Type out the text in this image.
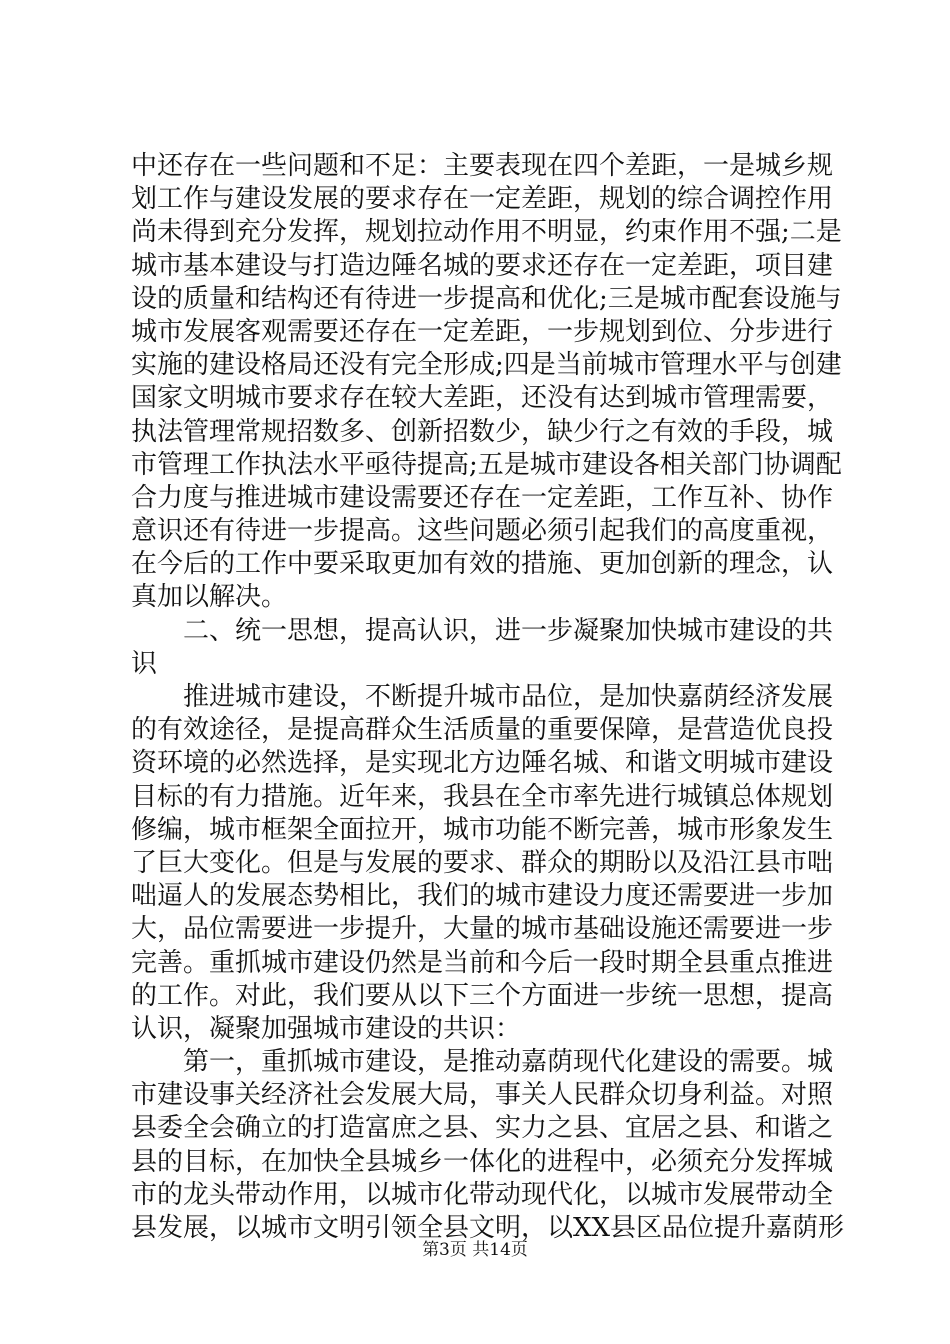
中还存在一些问题和不足：主要表现在四个差距，一是城乡规
划工作与建设发展的要求存在一定差距，规划的综合调控作用
尚未得到充分发挥，规划拉动作用不明显，约束作用不强;二是
城市基本建设与打造边陲名城的要求还存在一定差距，项目建
设的质量和结构还有待进一步提高和优化;三是城市配套设施与
城市发展客观需要还存在一定差距，一步规划到位、分步进行
实施的建设格局还没有完全形成;四是当前城市管理水平与创建
国家文明城市要求存在较大差距，还没有达到城市管理需要，
执法管理常规招数多、创新招数少，缺少行之有效的手段，城
市管理工作执法水平亟待提高;五是城市建设各相关部门协调配
合力度与推进城市建设需要还存在一定差距，工作互补、协作
意识还有待进一步提高。这些问题必须引起我们的高度重视，
在今后的工作中要采取更加有效的措施、更加创新的理念，认
真加以解决。
二、统一思想，提高认识，进一步凝聚加快城市建设的共
识
推进城市建设，不断提升城市品位，是加快嘉荫经济发展
的有效途径，是提高群众生活质量的重要保障，是营造优良投
资环境的必然选择，是实现北方边陲名城、和谐文明城市建设
目标的有力措施。近年来，我县在全市率先进行城镇总体规划
修编，城市框架全面拉开，城市功能不断完善，城市形象发生
了巨大变化。但是与发展的要求、群众的期盼以及沿江县市咄
咄逼人的发展态势相比，我们的城市建设力度还需要进一步加
大，品位需要进一步提升，大量的城市基础设施还需要进一步
完善。重抓城市建设仍然是当前和今后一段时期全县重点推进
的工作。对此，我们要从以下三个方面进一步统一思想，提高
认识，凝聚加强城市建设的共识：
第一，重抓城市建设，是推动嘉荫现代化建设的需要。城
市建设事关经济社会发展大局，事关人民群众切身利益。对照
县委全会确立的打造富庶之县、实力之县、宜居之县、和谐之
县的目标，在加快全县城乡一体化的进程中，必须充分发挥城
市的龙头带动作用，以城市化带动现代化，以城市发展带动全
县发展，以城市文明引领全县文明，以XX县区品位提升嘉荫形
第3页 共14页
